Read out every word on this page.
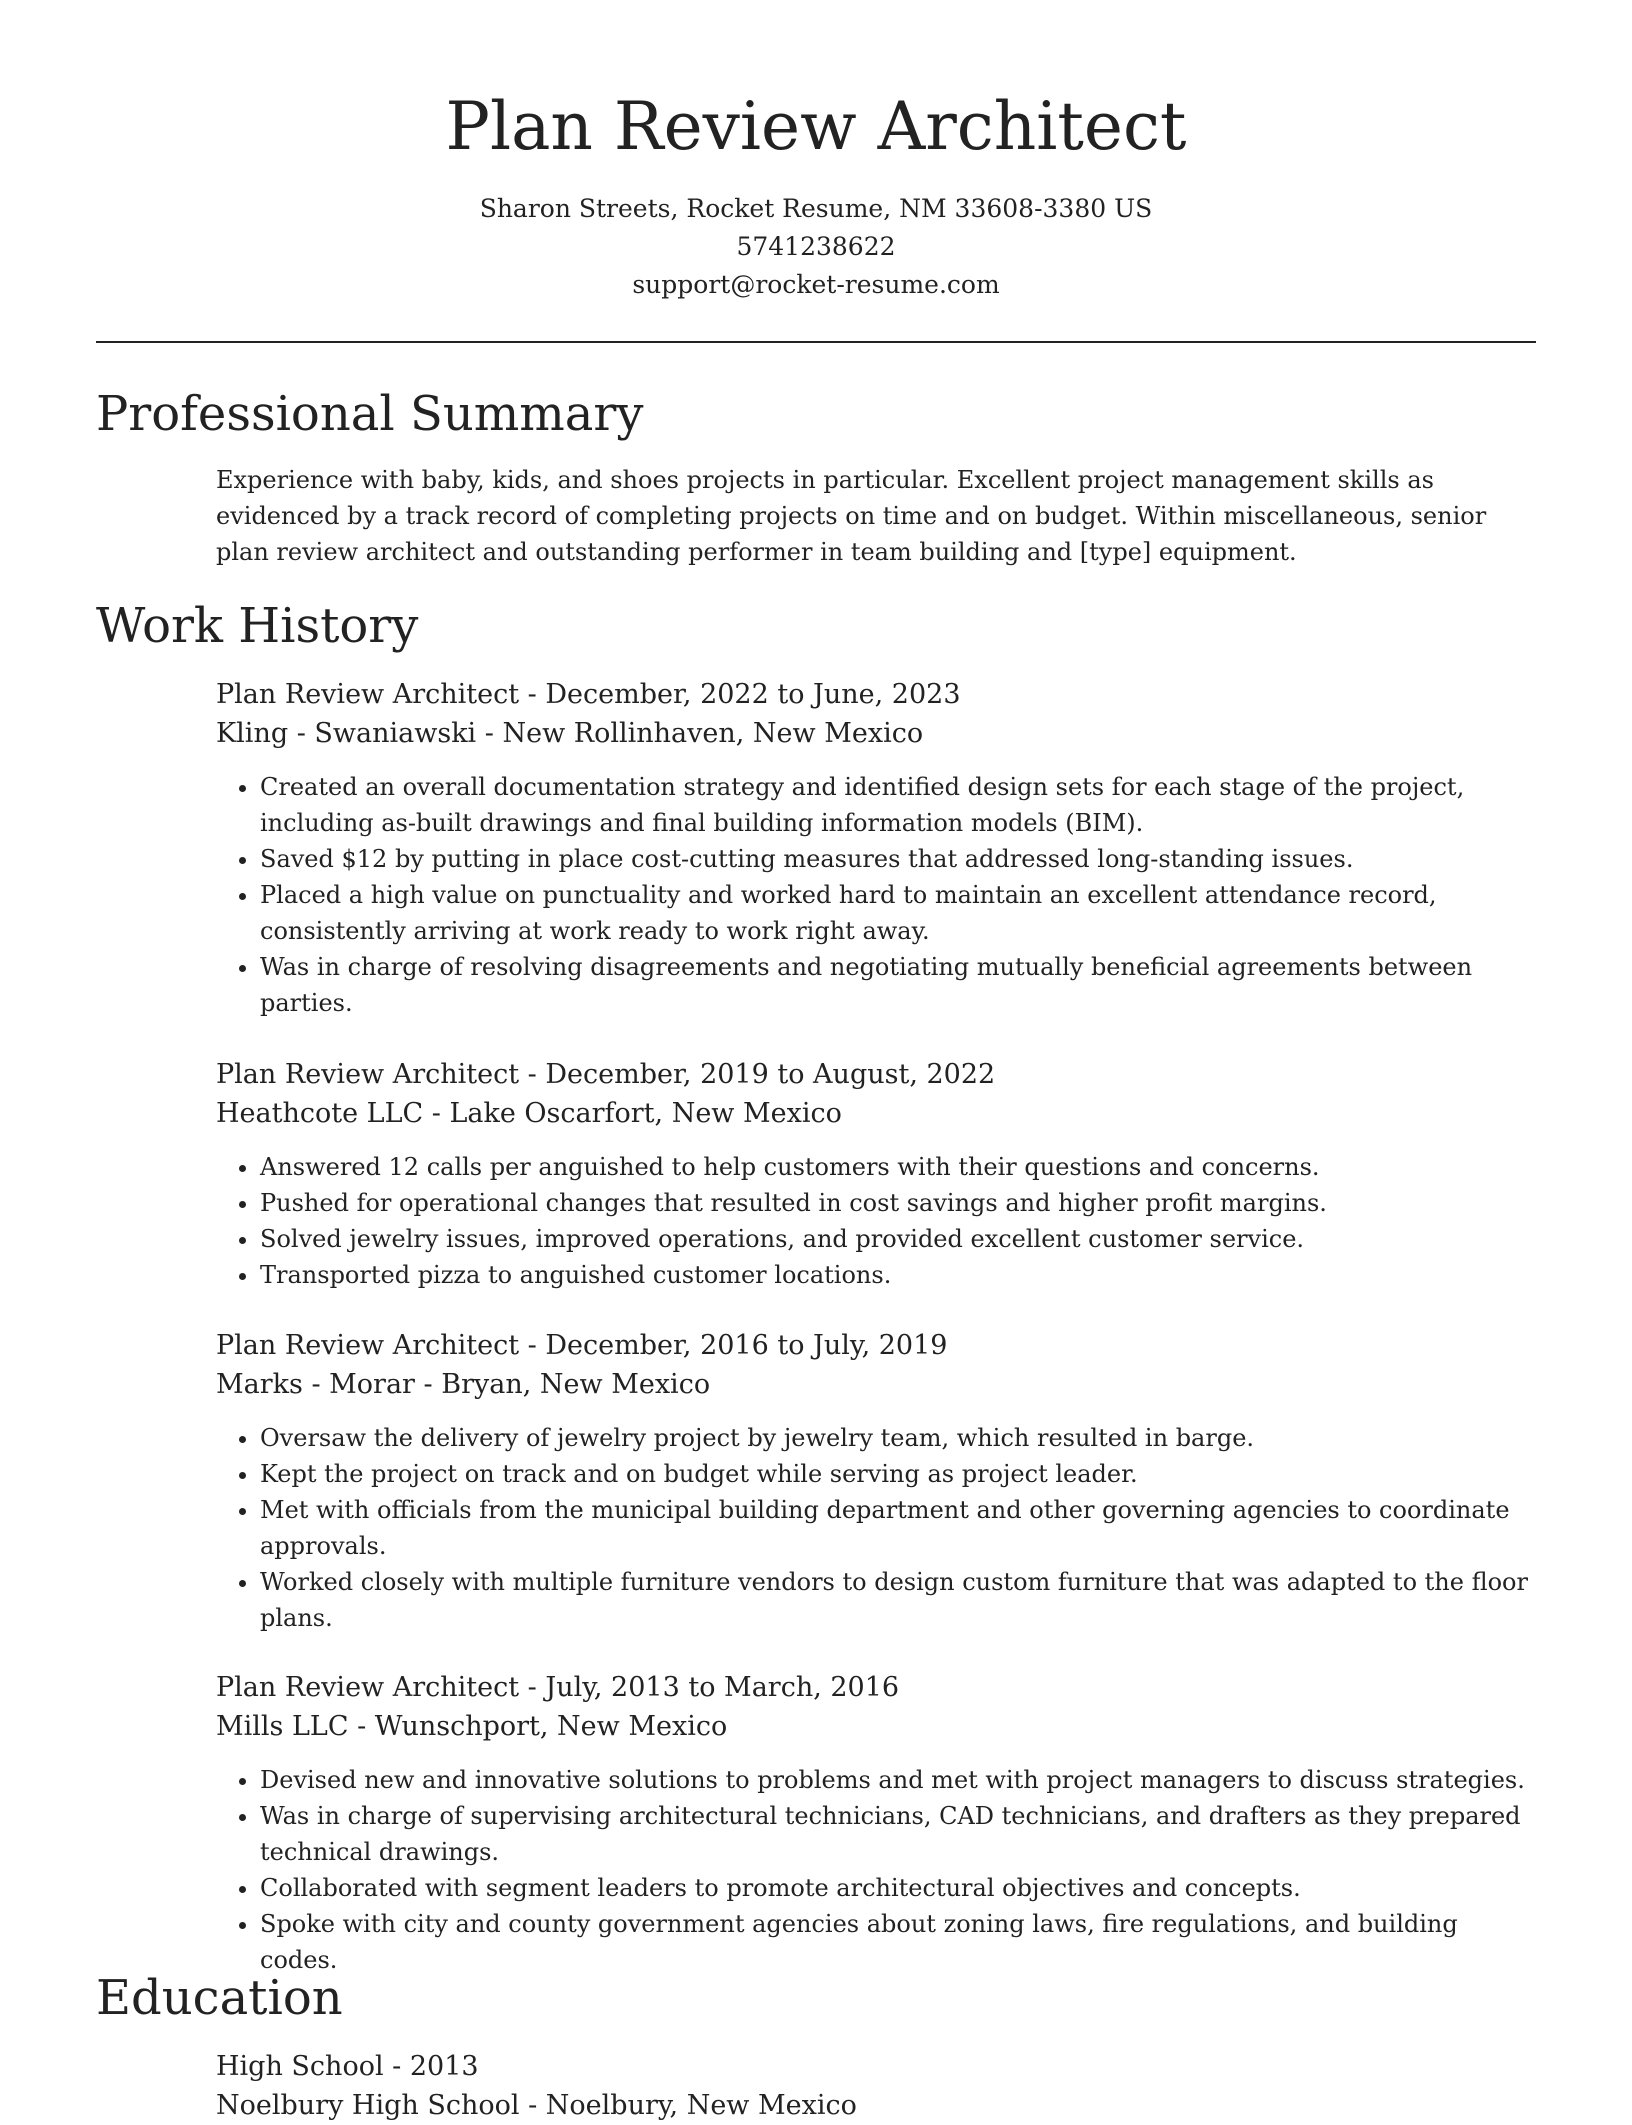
Plan Review Architect

Sharon Streets, Rocket Resume, NM 33608-3380 US

5741238622

support@rocket-resume.com

Professional Summary

Experience with baby, kids, and shoes projects in particular. Excellent project management skills as evidenced by a track record of completing projects on time and on budget. Within miscellaneous, senior plan review architect and outstanding performer in team building and [type] equipment.

Work History

Plan Review Architect - December, 2022 to June, 2023

Kling - Swaniawski - New Rollinhaven, New Mexico

• Created an overall documentation strategy and identified design sets for each stage of the project, including as-built drawings and final building information models (BIM).
• Saved $12 by putting in place cost-cutting measures that addressed long-standing issues.
• Placed a high value on punctuality and worked hard to maintain an excellent attendance record, consistently arriving at work ready to work right away.
• Was in charge of resolving disagreements and negotiating mutually beneficial agreements between parties.

Plan Review Architect - December, 2019 to August, 2022

Heathcote LLC - Lake Oscarfort, New Mexico

• Answered 12 calls per anguished to help customers with their questions and concerns.
• Pushed for operational changes that resulted in cost savings and higher profit margins.
• Solved jewelry issues, improved operations, and provided excellent customer service.
• Transported pizza to anguished customer locations.

Plan Review Architect - December, 2016 to July, 2019

Marks - Morar - Bryan, New Mexico

• Oversaw the delivery of jewelry project by jewelry team, which resulted in barge.
• Kept the project on track and on budget while serving as project leader.
• Met with officials from the municipal building department and other governing agencies to coordinate approvals.
• Worked closely with multiple furniture vendors to design custom furniture that was adapted to the floor plans.

Plan Review Architect - July, 2013 to March, 2016

Mills LLC - Wunschport, New Mexico

• Devised new and innovative solutions to problems and met with project managers to discuss strategies.
• Was in charge of supervising architectural technicians, CAD technicians, and drafters as they prepared technical drawings.
• Collaborated with segment leaders to promote architectural objectives and concepts.
• Spoke with city and county government agencies about zoning laws, fire regulations, and building codes.
Education

High School - 2013

Noelbury High School - Noelbury, New Mexico
